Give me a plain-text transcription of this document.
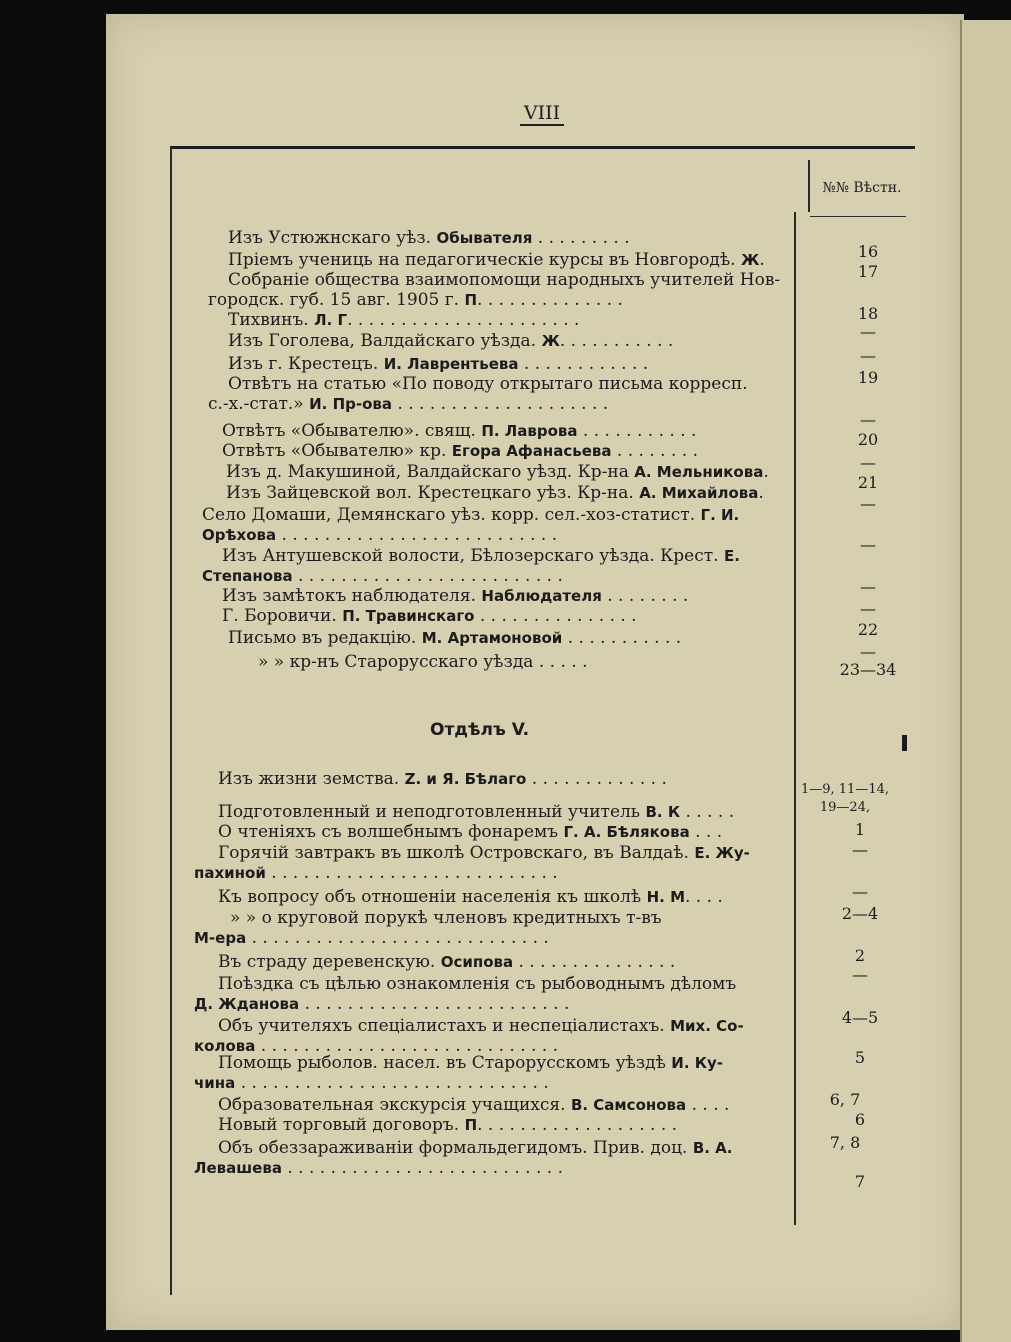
VIII
№№ Вѣстн.
Отдѣлъ V.
Изъ Устюжнскаго уѣз. Обывателя . . . . . . . . .
Пріемъ учениць на педагогическіе курсы въ Новгородѣ. Ж.
Собраніе общества взаимопомощи народныхъ учителей Нов-
городск. губ. 15 авг. 1905 г. П. . . . . . . . . . . . . .
Тихвинъ. Л. Г. . . . . . . . . . . . . . . . . . . . . .
Изъ Гоголева, Валдайскаго уѣзда. Ж. . . . . . . . . . .
Изъ г. Крестецъ. И. Лаврентьева . . . . . . . . . . . .
Отвѣтъ на статью «По поводу открытаго письма корресп.
с.-х.-стат.» И. Пр-ова . . . . . . . . . . . . . . . . . . . .
Отвѣтъ «Обывателю». свящ. П. Лаврова . . . . . . . . . . .
Отвѣтъ «Обывателю» кр. Егора Афанасьева . . . . . . . .
Изъ д. Макушиной, Валдайскаго уѣзд. Кр-на А. Мельникова.
Изъ Зайцевской вол. Крестецкаго уѣз. Кр-на. А. Михайлова.
Село Домаши, Демянскаго уѣз. корр. сел.-хоз-статист. Г. И.
Орѣхова . . . . . . . . . . . . . . . . . . . . . . . . . .
Изъ Антушевской волости, Бѣлозерскаго уѣзда. Крест. Е.
Степанова . . . . . . . . . . . . . . . . . . . . . . . . .
Изъ замѣтокъ наблюдателя. Наблюдателя . . . . . . . .
Г. Боровичи. П. Травинскаго . . . . . . . . . . . . . . .
Письмо въ редакцію. М. Артамоновой . . . . . . . . . . .
» » кр-нъ Старорусскаго уѣзда . . . . .
Изъ жизни земства. Z. и Я. Бѣлаго . . . . . . . . . . . . .
Подготовленный и неподготовленный учитель В. К . . . . .
О чтеніяхъ съ волшебнымъ фонаремъ Г. А. Бѣлякова . . .
Горячій завтракъ въ школѣ Островскаго, въ Валдаѣ. Е. Жу-
пахиной . . . . . . . . . . . . . . . . . . . . . . . . . . .
Къ вопросу объ отношеніи населенія къ школѣ Н. М. . . .
» » о круговой порукѣ членовъ кредитныхъ т-въ
М-ера . . . . . . . . . . . . . . . . . . . . . . . . . . . .
Въ страду деревенскую. Осипова . . . . . . . . . . . . . . .
Поѣздка съ цѣлью ознакомленія съ рыбоводнымъ дѣломъ
Д. Жданова . . . . . . . . . . . . . . . . . . . . . . . . .
Объ учителяхъ спеціалистахъ и неспеціалистахъ. Мих. Со-
колова . . . . . . . . . . . . . . . . . . . . . . . . . . . .
Помощь рыболов. насел. въ Старорусскомъ уѣздѣ И. Ку-
чина . . . . . . . . . . . . . . . . . . . . . . . . . . . . .
Образовательная экскурсія учащихся. В. Самсонова . . . .
Новый торговый договоръ. П. . . . . . . . . . . . . . . . . . .
Объ обеззараживаніи формальдегидомъ. Прив. доц. В. А.
Левашева . . . . . . . . . . . . . . . . . . . . . . . . . .
16
17
18
—
—
19
—
20
—
21
—
—
—
—
22
—
23—34
1—9, 11—14,
19—24,
1
—
—
2—4
2
—
4—5
5
6, 7
6
7, 8
7
